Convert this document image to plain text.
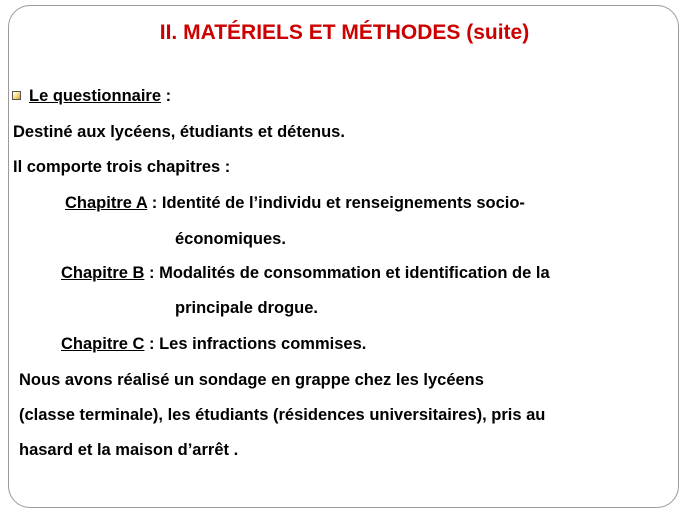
II. MATÉRIELS ET MÉTHODES (suite)
Le questionnaire :
Destiné aux lycéens, étudiants et détenus.
Il comporte trois chapitres :
Chapitre A : Identité de l’individu et renseignements socio-
économiques.
Chapitre B : Modalités de consommation et identification de la
principale drogue.
Chapitre C : Les infractions commises.
Nous avons réalisé un sondage en grappe chez les lycéens
(classe terminale), les étudiants (résidences universitaires), pris au
hasard et la maison d’arrêt .
